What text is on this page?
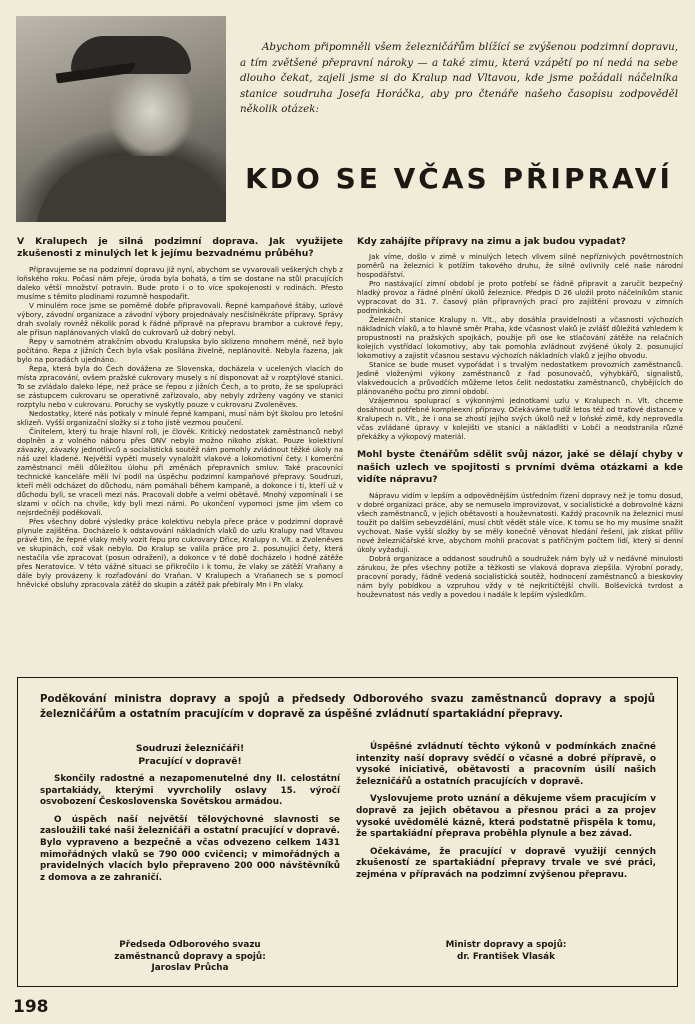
Abychom připomněli všem železničářům blížící se zvýšenou podzimní dopravu, a tím zvětšené přepravní nároky — a také zimu, která vzápětí po ní nedá na sebe dlouho čekat, zajeli jsme si do Kralup nad Vltavou, kde jsme požádali náčelníka stanice soudruha Josefa Horáčka, aby pro čtenáře našeho časopisu zodpověděl několik otázek:

KDO SE VČAS PŘIPRAVÍ

V Kralupech je silná podzimní doprava. Jak využijete zkušenosti z minulých let k jejímu bezvadnému průběhu?

Připravujeme se na podzimní dopravu již nyní, abychom se vyvarovali veškerých chyb z loňského roku. Počasí nám přeje, úroda byla bohatá, a tím se dostane na stůl pracujících daleko větší množství potravin. Bude proto i o to více spokojenosti v rodinách. Přesto musíme s těmito plodinami rozumně hospodařit.

V minulém roce jsme se poměrně dobře připravovali. Řepné kampaňové štáby, uzlové výbory, závodní organizace a závodní výbory projednávaly nesčíslněkráte přípravy. Správy drah svolaly rovněž několik porad k řádné přípravě na přepravu brambor a cukrové řepy, ale přísun naplánovaných vlaků do cukrovarů už dobrý nebyl.

Řepy v samotném atrakčním obvodu Kralupska bylo sklizeno mnohem méně, než bylo počítáno. Řepa z jižních Čech byla však posílána živelně, neplánovitě. Nebyla řazena, jak bylo na poradách ujednáno.

Řepa, která byla do Čech dovážena ze Slovenska, docházela v ucelených vlacích do místa zpracování, ovšem pražské cukrovary musely s ní disponovat až v rozptýlové stanici. To se zvládalo daleko lépe, než práce se řepou z jižních Čech, a to proto, že se spolupráci se zástupcem cukrovaru se operativně zařizovalo, aby nebyly zdrženy vagóny ve stanici rozptylu nebo v cukrovaru. Poruchy se vyskytly pouze v cukrovaru Zvoleněves.

Nedostatky, které nás potkaly v minulé řepné kampani, musí nám být školou pro letošní sklizeň. Vyšší organizační složky si z toho jistě vezmou poučení.

Činitelem, který tu hraje hlavní roli, je člověk. Kritický nedostatek zaměstnanců nebyl doplněn a z volného náboru přes ONV nebylo možno nikoho získat. Pouze kolektivní závazky, závazky jednotlivců a socialistická soutěž nám pomohly zvládnout těžké úkoly na náš uzel kladené. Největší vypětí musely vynaložit vlakové a lokomotivní čety. I komerční zaměstnanci měli důležitou úlohu při změnách přepravních smluv. Také pracovníci technické kanceláře měli lví podíl na úspěchu podzimní kampaňové přepravy. Soudruzi, kteří měli odcházet do důchodu, nám pomáhali během kampaně, a dokonce i ti, kteří už v důchodu byli, se vraceli mezi nás. Pracovali dobře a velmi obětavě. Mnohý vzpomínali i se slzami v očích na chvíle, kdy byli mezi námi. Po ukončení vypomoci jsme jim všem co nejsrdečněji poděkovali.

Přes všechny dobré výsledky práce kolektivu nebyla přece práce v podzimní dopravě plynule zajištěna. Docházelo k odstavování nákladních vlaků do uzlu Kralupy nad Vltavou právě tím, že řepné vlaky měly vozit řepu pro cukrovary Dřice, Kralupy n. Vlt. a Zvoleněves ve skupinách, což však nebylo. Do Kralup se valila práce pro 2. posunující čety, která nestačila vše zpracovat (posun odražení), a dokonce v té době docházelo i hodně zátěže přes Neratovice. V této vážné situaci se přikročilo i k tomu, že vlaky se zátěží Vraňany a dále byly provázeny k rozřaďování do Vraňan. V Kralupech a Vraňanech se s pomocí hněvické obsluhy zpracovala zátěž do skupin a zátěž pak přebíraly Mn i Pn vlaky.

Kdy zahájíte přípravy na zimu a jak budou vypadat?

Jak víme, došlo v zimě v minulých letech vlivem silně nepříznivých povětrnostních poměrů na železnici k potížím takového druhu, že silně ovlivnily celé naše národní hospodářství.

Pro nastávající zimní období je proto potřebí se řádně připravit a zaručit bezpečný hladký provoz a řádné plnění úkolů železnice. Předpis D 26 uložil proto náčelníkům stanic vypracovat do 31. 7. časový plán přípravných prací pro zajištění provozu v zimních podmínkách.

Železniční stanice Kralupy n. Vlt., aby dosáhla pravidelnosti a včasnosti výchozích nákladních vlaků, a to hlavně směr Praha, kde včasnost vlaků je zvlášť důležitá vzhledem k propustnosti na pražských spojkách, použije při ose ke stlačování zátěže na relačních kolejích vystřídací lokomotivy, aby tak pomohla zvládnout zvýšené úkoly 2. posunující lokomotivy a zajistit včasnou sestavu výchozích nákladních vlaků z jejího obvodu.

Stanice se bude muset vypořádat i s trvalým nedostatkem provozních zaměstnanců. Jedině vloženými výkony zaměstnanců z řad posunovačů, výhybkářů, signalistů, vlakvedoucích a průvodčích můžeme letos čelit nedostatku zaměstnanců, chybějících do plánovaného počtu pro zimní období.

Vzájemnou spoluprací s výkonnými jednotkami uzlu v Kralupech n. Vlt. chceme dosáhnout potřebné kompleexní přípravy. Očekáváme tudíž letos též od traťové distance v Kralupech n. Vlt., že i ona se zhostí jejího svých úkolů než v loňské zimě, kdy neprovedla včas zvládané úpravy v kolejišti ve stanici a náklaďišti v Lobči a neodstranila různé překážky a výkopový materiál.

Mohl byste čtenářům sdělit svůj názor, jaké se dělají chyby v našich uzlech ve spojitosti s prvními dvěma otázkami a kde vidíte nápravu?

Nápravu vidím v lepším a odpovědnějším ústředním řízení dopravy než je tomu dosud, v dobré organizaci práce, aby se nemuselo improvizovat, v socialistické a dobrovolné kázni všech zaměstnanců, v jejich obětavosti a houževnatosti. Každý pracovník na železnici musí toužit po dalším sebevzdělání, musí chtít vědět stále více. K tomu se ho my musíme snažit vychovat. Naše vyšší složky by se měly konečně věnovat hledání řešení, jak získat příliv nové železničářské krve, abychom mohli pracovat s patřičným počtem lidí, který si denní úkoly vyžadují.

Dobrá organizace a oddanost soudruhů a soudružek nám byly už v nedávné minulosti zárukou, že přes všechny potíže a těžkosti se vlaková doprava zlepšila. Výrobní porady, pracovní porady, řádně vedená socialistická soutěž, hodnocení zaměstnanců a bieskovky nám byly pobídkou a vzpruhou vždy v té nejkritičtější chvíli. Bolševická tvrdost a houževnatost nás vedly a povedou i nadále k lepším výsledkům.

Poděkování ministra dopravy a spojů a předsedy Odborového svazu zaměstnanců dopravy a spojů železničářům a ostatním pracujícím v dopravě za úspěšné zvládnutí spartakiádní přepravy.

Soudruzi železničáři!

Pracující v dopravě!

Skončily radostné a nezapomenutelné dny II. celostátní spartakiády, kterými vyvrcholily oslavy 15. výročí osvobození Československa Sovětskou armádou.

O úspěch naší největší tělovýchovné slavnosti se zasloužili také naši železničáři a ostatní pracující v dopravě. Bylo vypraveno a bezpečně a včas odvezeno celkem 1431 mimořádných vlaků se 790 000 cvičenci; v mimořádných a pravidelných vlacích bylo přepraveno 200 000 návštěvníků z domova a ze zahraničí.

Úspěšné zvládnutí těchto výkonů v podmínkách značné intenzity naší dopravy svědčí o včasné a dobré přípravě, o vysoké iniciativě, obětavosti a pracovním úsilí našich železničářů a ostatních pracujících v dopravě.

Vyslovujeme proto uznání a děkujeme všem pracujícím v dopravě za jejich obětavou a přesnou práci a za projev vysoké uvědomělé kázně, která podstatně přispěla k tomu, že spartakiádní přeprava proběhla plynule a bez závad.

Očekáváme, že pracující v dopravě využijí cenných zkušeností ze spartakiádní přepravy trvale ve své práci, zejména v přípravách na podzimní zvýšenou přepravu.

Předseda Odborového svazu

zaměstnanců dopravy a spojů:

Jaroslav Průcha

Ministr dopravy a spojů:

dr. František Vlasák

198
